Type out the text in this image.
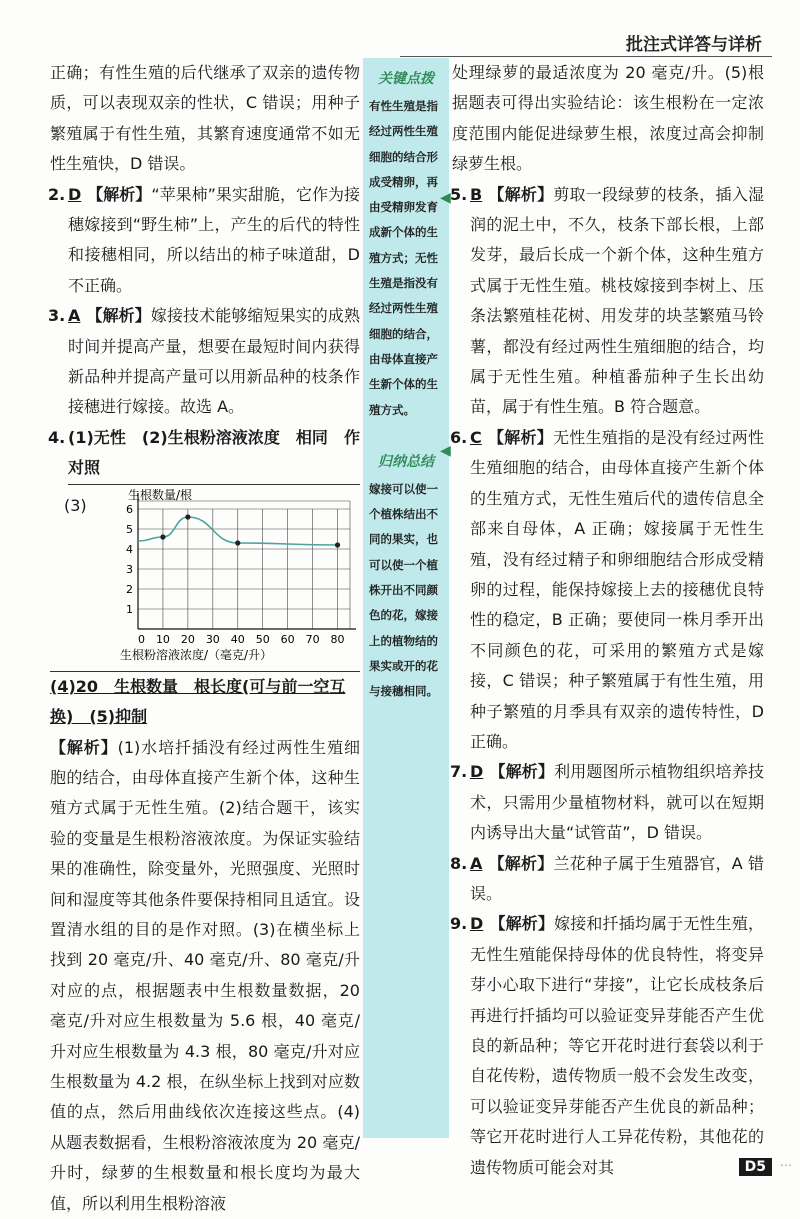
批注式详答与详析

正确；有性生殖的后代继承了双亲的遗传物质，可以表现双亲的性状，C 错误；用种子繁殖属于有性生殖，其繁育速度通常不如无性生殖快，D 错误。

2. D 【解析】“苹果柿”果实甜脆，它作为接穗嫁接到“野生柿”上，产生的后代的特性和接穗相同，所以结出的柿子味道甜，D 不正确。

3. A 【解析】嫁接技术能够缩短果实的成熟时间并提高产量，想要在最短时间内获得新品种并提高产量可以用新品种的枝条作接穗进行嫁接。故选 A。

4. (1)无性　(2)生根粉溶液浓度　相同　作对照

(3)
0 10 20 30 40 50 60 70 80
1
2
3
4
5
6
生根数量/根
生根粉溶液浓度/（毫克/升）

(4)20　生根数量　根长度(可与前一空互

换)　(5)抑制

【解析】(1)水培扦插没有经过两性生殖细胞的结合，由母体直接产生新个体，这种生殖方式属于无性生殖。(2)结合题干，该实验的变量是生根粉溶液浓度。为保证实验结果的准确性，除变量外，光照强度、光照时间和湿度等其他条件要保持相同且适宜。设置清水组的目的是作对照。(3)在横坐标上找到 20 毫克/升、40 毫克/升、80 毫克/升对应的点，根据题表中生根数量数据，20 毫克/升对应生根数量为 5.6 根，40 毫克/升对应生根数量为 4.3 根，80 毫克/升对应生根数量为 4.2 根，在纵坐标上找到对应数值的点，然后用曲线依次连接这些点。(4)从题表数据看，生根粉溶液浓度为 20 毫克/升时，绿萝的生根数量和根长度均为最大值，所以利用生根粉溶液

关键点拨

有性生殖是指经过两性生殖细胞的结合形成受精卵，再由受精卵发育成新个体的生殖方式；无性生殖是指没有经过两性生殖细胞的结合，由母体直接产生新个体的生殖方式。

归纳总结

嫁接可以使一个植株结出不同的果实，也可以使一个植株开出不同颜色的花，嫁接上的植物结的果实或开的花与接穗相同。

◀
◀

处理绿萝的最适浓度为 20 毫克/升。(5)根据题表可得出实验结论：该生根粉在一定浓度范围内能促进绿萝生根，浓度过高会抑制绿萝生根。

5. B 【解析】剪取一段绿萝的枝条，插入湿润的泥土中，不久，枝条下部长根，上部发芽，最后长成一个新个体，这种生殖方式属于无性生殖。桃枝嫁接到李树上、压条法繁殖桂花树、用发芽的块茎繁殖马铃薯，都没有经过两性生殖细胞的结合，均属于无性生殖。种植番茄种子生长出幼苗，属于有性生殖。B 符合题意。

6. C 【解析】无性生殖指的是没有经过两性生殖细胞的结合，由母体直接产生新个体的生殖方式，无性生殖后代的遗传信息全部来自母体，A 正确；嫁接属于无性生殖，没有经过精子和卵细胞结合形成受精卵的过程，能保持嫁接上去的接穗优良特性的稳定，B 正确；要使同一株月季开出不同颜色的花，可采用的繁殖方式是嫁接，C 错误；种子繁殖属于有性生殖，用种子繁殖的月季具有双亲的遗传特性，D 正确。

7. D 【解析】利用题图所示植物组织培养技术，只需用少量植物材料，就可以在短期内诱导出大量“试管苗”，D 错误。

8. A 【解析】兰花种子属于生殖器官，A 错误。

9. D 【解析】嫁接和扦插均属于无性生殖，无性生殖能保持母体的优良特性，将变异芽小心取下进行“芽接”，让它长成枝条后再进行扦插均可以验证变异芽能否产生优良的新品种；等它开花时进行套袋以利于自花传粉，遗传物质一般不会发生改变，可以验证变异芽能否产生优良的新品种；等它开花时进行人工异花传粉，其他花的遗传物质可能会对其	D5	⋯
